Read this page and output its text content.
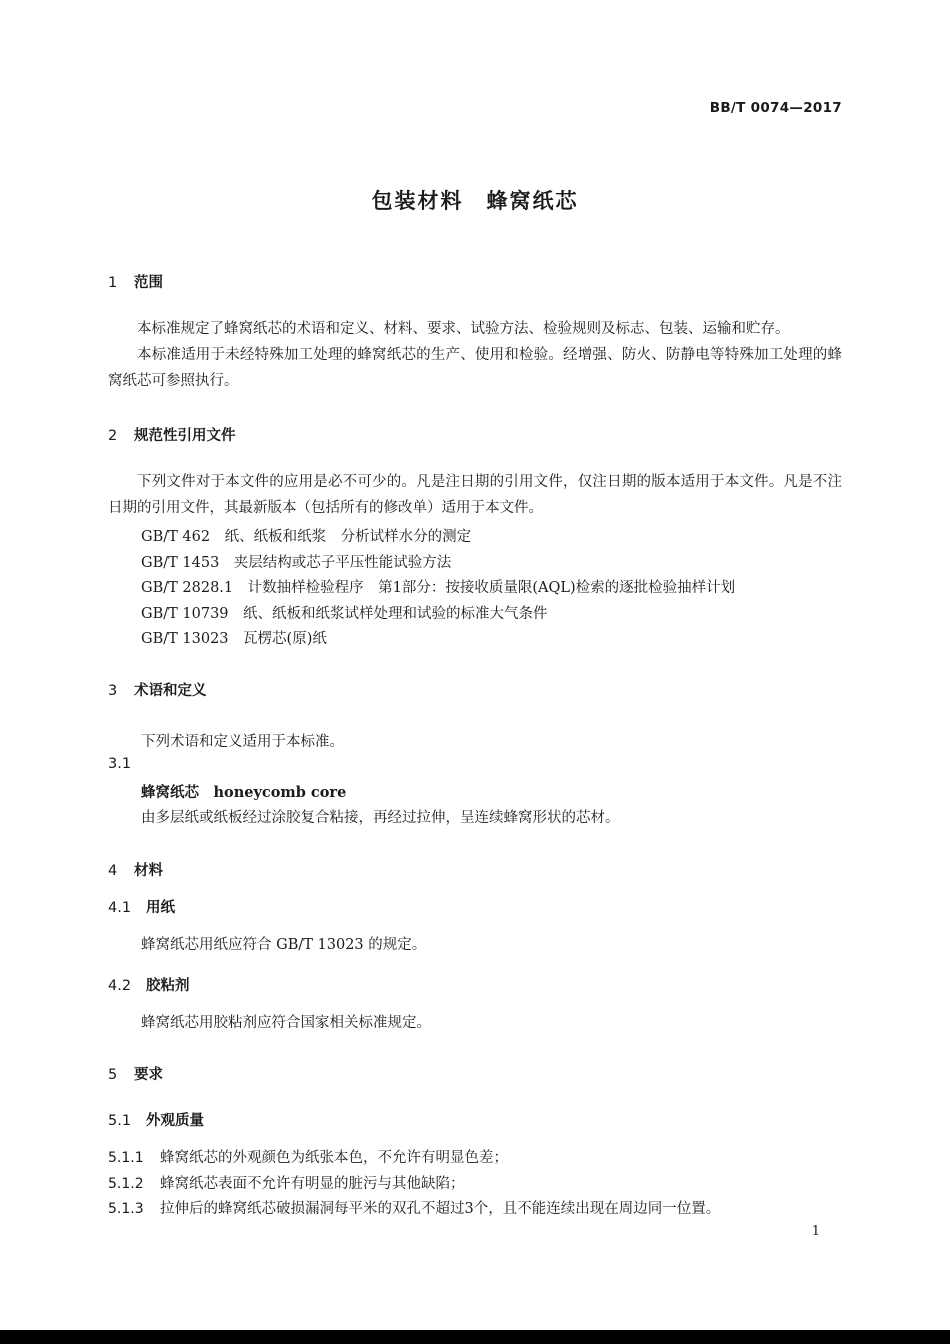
BB/T 0074—2017
包装材料　蜂窝纸芯
1 范围
本标准规定了蜂窝纸芯的术语和定义、材料、要求、试验方法、检验规则及标志、包装、运输和贮存。
本标准适用于未经特殊加工处理的蜂窝纸芯的生产、使用和检验。经增强、防火、防静电等特殊加工处理的蜂窝纸芯可参照执行。
2 规范性引用文件
下列文件对于本文件的应用是必不可少的。凡是注日期的引用文件，仅注日期的版本适用于本文件。凡是不注日期的引用文件，其最新版本（包括所有的修改单）适用于本文件。
GB/T 462　纸、纸板和纸浆　分析试样水分的测定
GB/T 1453　夹层结构或芯子平压性能试验方法
GB/T 2828.1　计数抽样检验程序　第1部分：按接收质量限(AQL)检索的逐批检验抽样计划
GB/T 10739　纸、纸板和纸浆试样处理和试验的标准大气条件
GB/T 13023　瓦楞芯(原)纸
3 术语和定义
下列术语和定义适用于本标准。
3.1
蜂窝纸芯　honeycomb core
由多层纸或纸板经过涂胶复合粘接，再经过拉伸，呈连续蜂窝形状的芯材。
4 材料
4.1 用纸
蜂窝纸芯用纸应符合 GB/T 13023 的规定。
4.2 胶粘剂
蜂窝纸芯用胶粘剂应符合国家相关标准规定。
5 要求
5.1 外观质量
5.1.1 蜂窝纸芯的外观颜色为纸张本色，不允许有明显色差；
5.1.2 蜂窝纸芯表面不允许有明显的脏污与其他缺陷；
5.1.3 拉伸后的蜂窝纸芯破损漏洞每平米的双孔不超过3个，且不能连续出现在周边同一位置。
1
